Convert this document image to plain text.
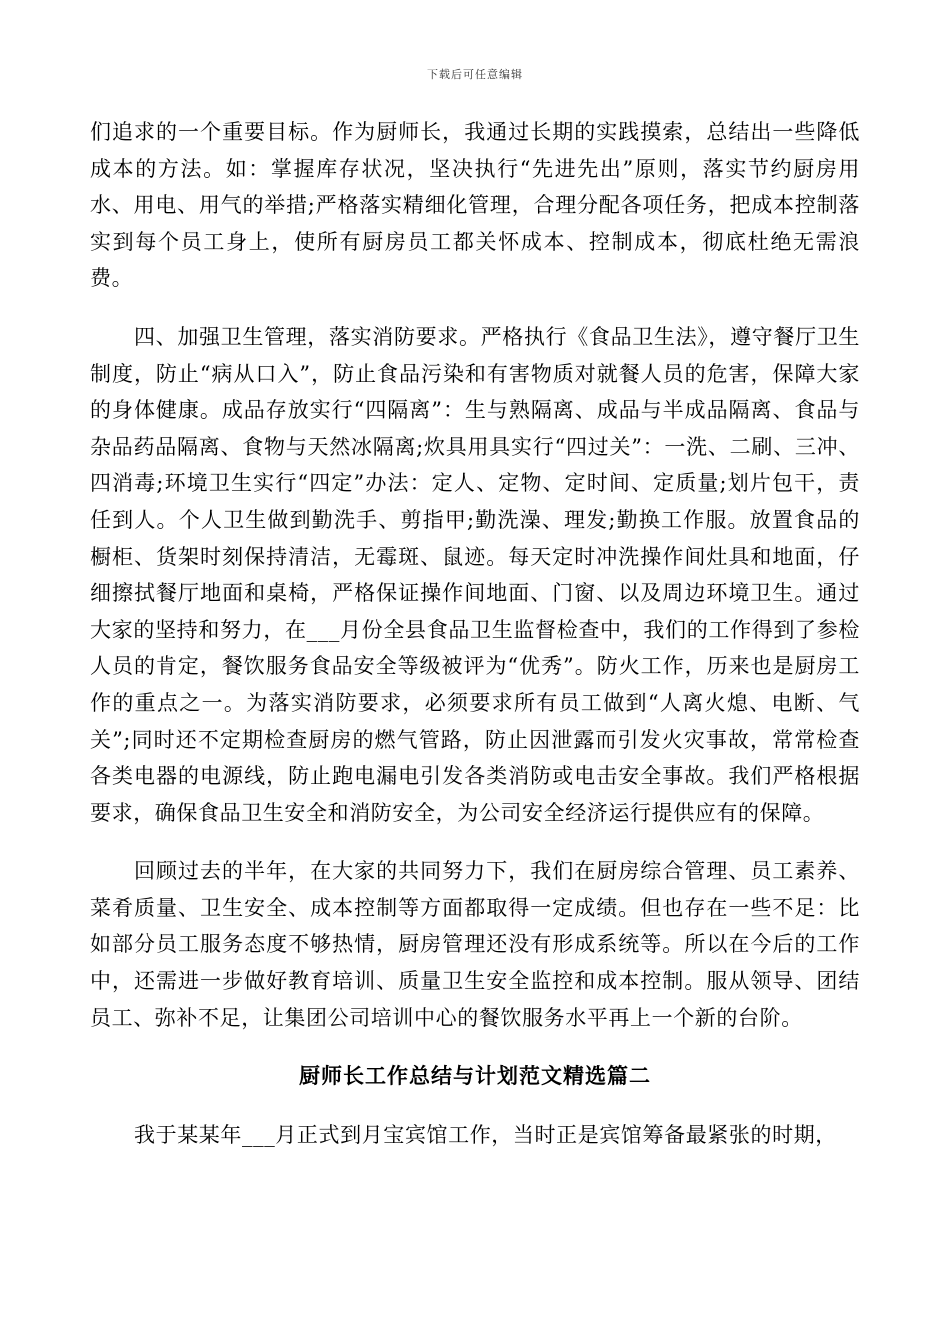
下载后可任意编辑

们追求的一个重要目标。作为厨师长，我通过长期的实践摸索，总结出一些降低成本的方法。如：掌握库存状况，坚决执行“先进先出”原则，落实节约厨房用水、用电、用气的举措;严格落实精细化管理，合理分配各项任务，把成本控制落实到每个员工身上，使所有厨房员工都关怀成本、控制成本，彻底杜绝无需浪费。

四、加强卫生管理，落实消防要求。严格执行《食品卫生法》，遵守餐厅卫生制度，防止“病从口入”，防止食品污染和有害物质对就餐人员的危害，保障大家的身体健康。成品存放实行“四隔离”：生与熟隔离、成品与半成品隔离、食品与杂品药品隔离、食物与天然冰隔离;炊具用具实行“四过关”：一洗、二刷、三冲、四消毒;环境卫生实行“四定”办法：定人、定物、定时间、定质量;划片包干，责任到人。个人卫生做到勤洗手、剪指甲;勤洗澡、理发;勤换工作服。放置食品的橱柜、货架时刻保持清洁，无霉斑、鼠迹。每天定时冲洗操作间灶具和地面，仔细擦拭餐厅地面和桌椅，严格保证操作间地面、门窗、以及周边环境卫生。通过大家的坚持和努力，在___月份全县食品卫生监督检查中，我们的工作得到了参检人员的肯定，餐饮服务食品安全等级被评为“优秀”。防火工作，历来也是厨房工作的重点之一。为落实消防要求，必须要求所有员工做到“人离火熄、电断、气关”;同时还不定期检查厨房的燃气管路，防止因泄露而引发火灾事故，常常检查各类电器的电源线，防止跑电漏电引发各类消防或电击安全事故。我们严格根据要求，确保食品卫生安全和消防安全，为公司安全经济运行提供应有的保障。

回顾过去的半年，在大家的共同努力下，我们在厨房综合管理、员工素养、菜肴质量、卫生安全、成本控制等方面都取得一定成绩。但也存在一些不足：比如部分员工服务态度不够热情，厨房管理还没有形成系统等。所以在今后的工作中，还需进一步做好教育培训、质量卫生安全监控和成本控制。服从领导、团结员工、弥补不足，让集团公司培训中心的餐饮服务水平再上一个新的台阶。

厨师长工作总结与计划范文精选篇二

我于某某年___月正式到月宝宾馆工作，当时正是宾馆筹备最紧张的时期，
